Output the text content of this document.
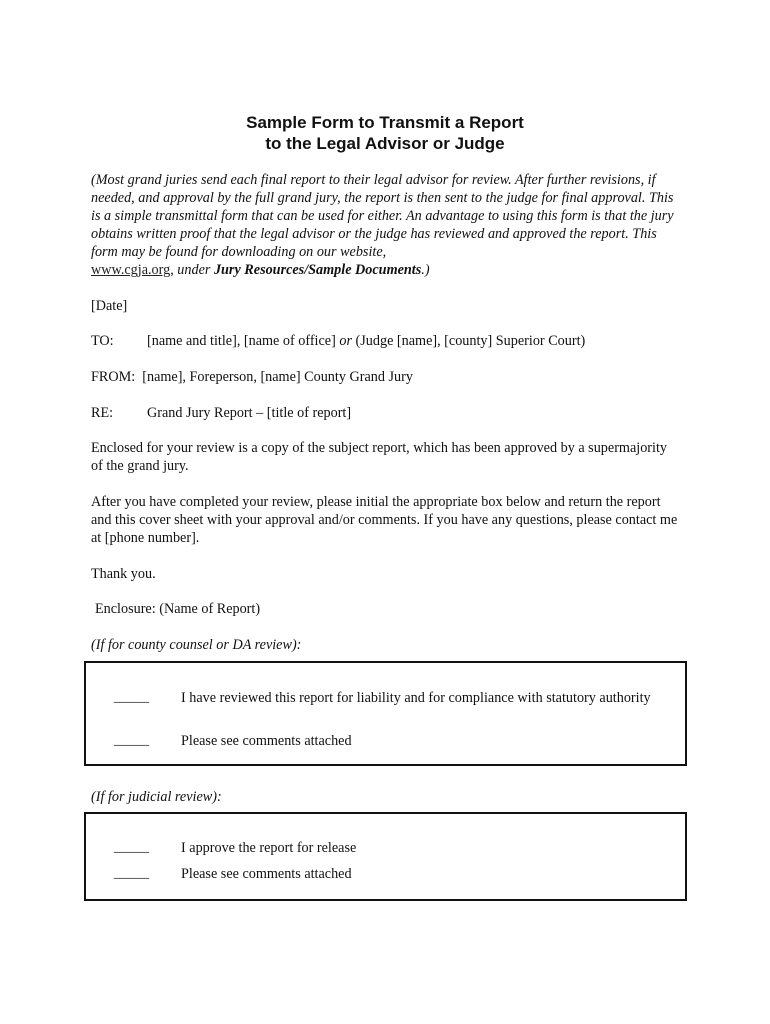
Sample Form to Transmit a Report
to the Legal Advisor or Judge
(Most grand juries send each final report to their legal advisor for review. After further revisions, if needed, and approval by the full grand jury, the report is then sent to the judge for final approval. This is a simple transmittal form that can be used for either. An advantage to using this form is that the jury obtains written proof that the legal advisor or the judge has reviewed and approved the report. This form may be found for downloading on our website,
www.cgja.org, under Jury Resources/Sample Documents.)
[Date]
TO: [name and title], [name of office] or (Judge [name], [county] Superior Court)
FROM: [name], Foreperson, [name] County Grand Jury
RE: Grand Jury Report – [title of report]
Enclosed for your review is a copy of the subject report, which has been approved by a supermajority of the grand jury.
After you have completed your review, please initial the appropriate box below and return the report and this cover sheet with your approval and/or comments. If you have any questions, please contact me at [phone number].
Thank you.
Enclosure: (Name of Report)
(If for county counsel or DA review):
_____ I have reviewed this report for liability and for compliance with statutory authority
_____ Please see comments attached
(If for judicial review):
_____ I approve the report for release
_____ Please see comments attached
